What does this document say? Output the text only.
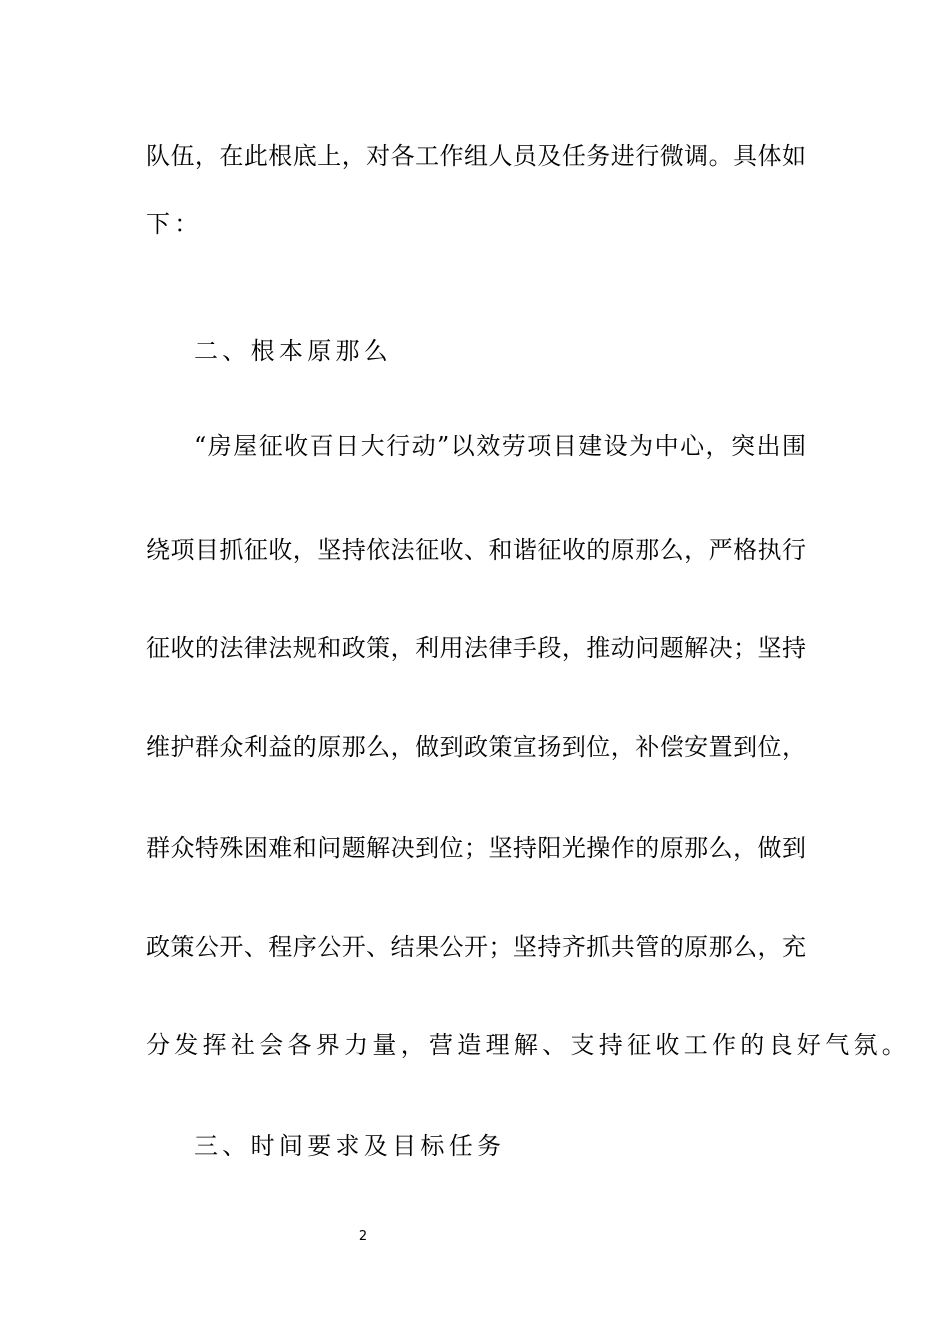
队伍，在此根底上，对各工作组人员及任务进行微调。具体如
下：
二、根本原那么
“房屋征收百日大行动”以效劳项目建设为中心，突出围
绕项目抓征收，坚持依法征收、和谐征收的原那么，严格执行
征收的法律法规和政策，利用法律手段，推动问题解决；坚持
维护群众利益的原那么，做到政策宣扬到位，补偿安置到位，
群众特殊困难和问题解决到位；坚持阳光操作的原那么，做到
政策公开、程序公开、结果公开；坚持齐抓共管的原那么，充
分发挥社会各界力量，营造理解、支持征收工作的良好气氛。
三、时间要求及目标任务
2
